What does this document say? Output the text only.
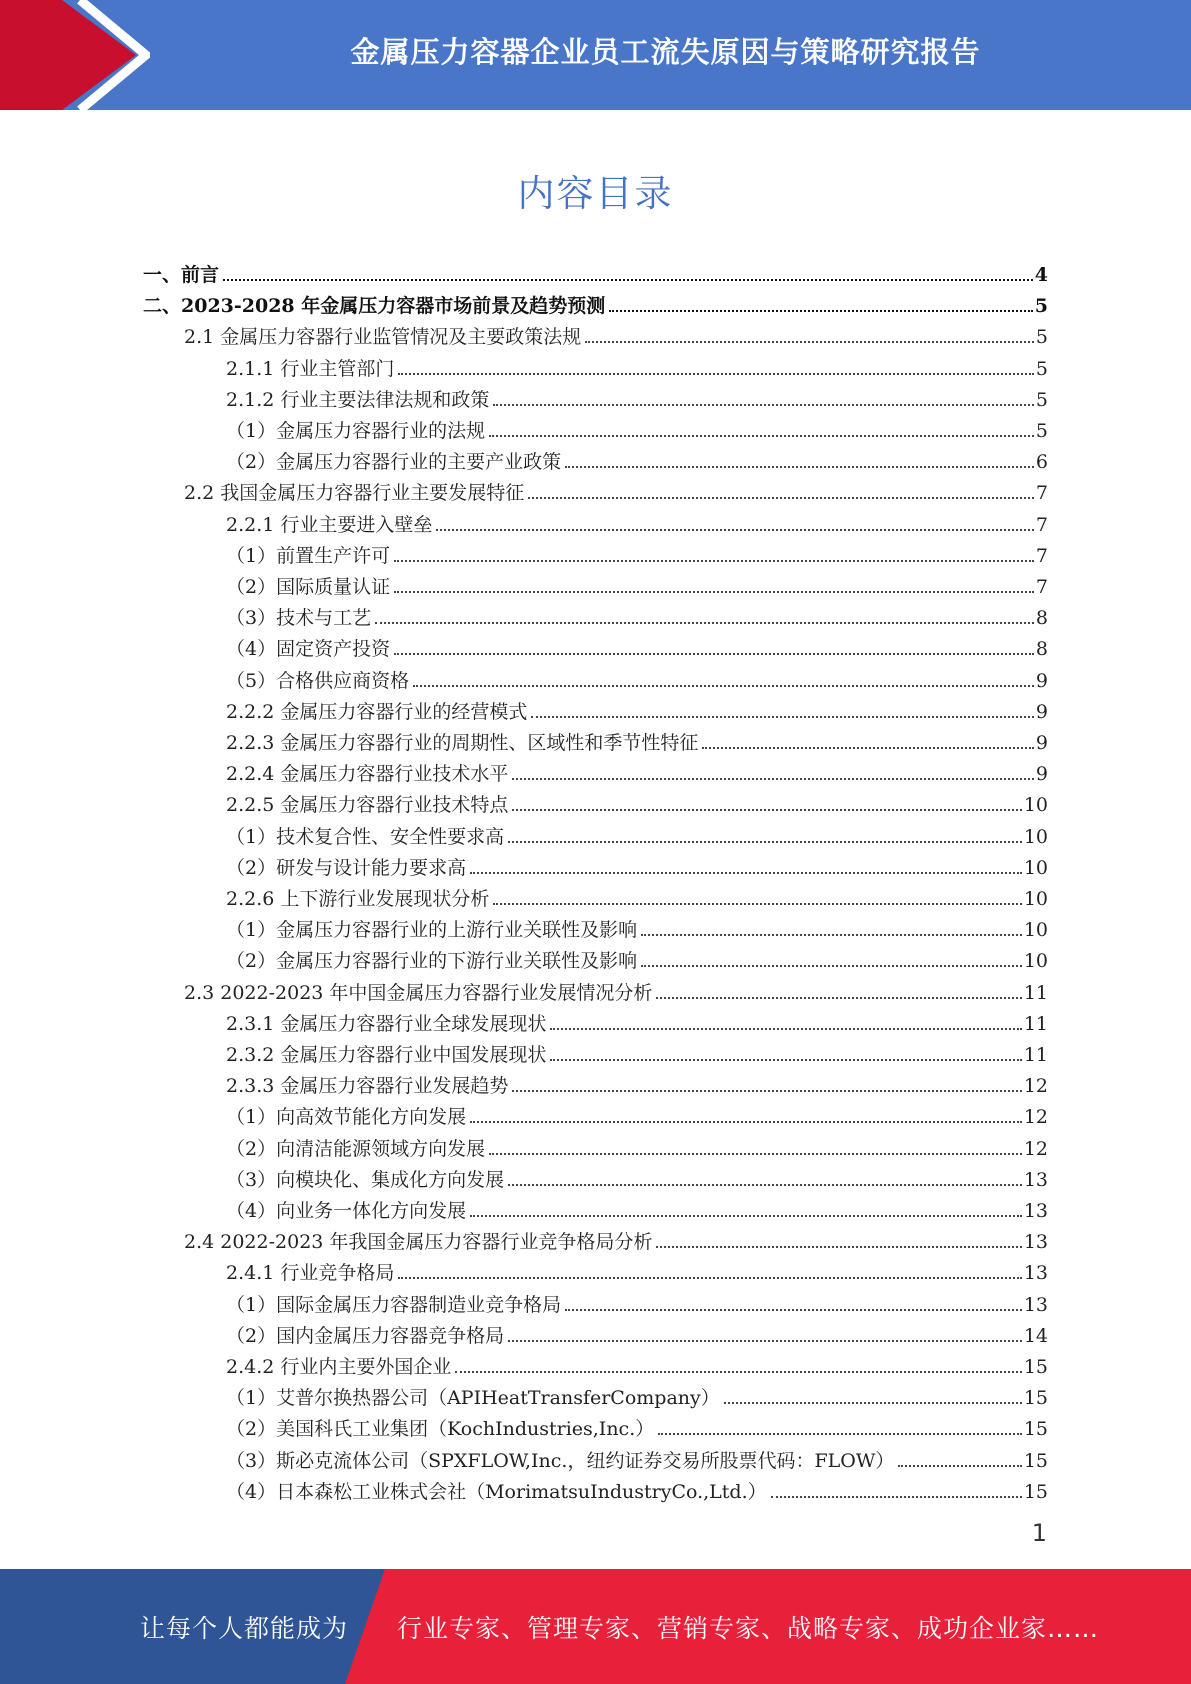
金属压力容器企业员工流失原因与策略研究报告
内容目录
一、前言	4
二、2023-2028 年金属压力容器市场前景及趋势预测	5
2.1 金属压力容器行业监管情况及主要政策法规	5
2.1.1 行业主管部门	5
2.1.2 行业主要法律法规和政策	5
（1）金属压力容器行业的法规	5
（2）金属压力容器行业的主要产业政策	6
2.2 我国金属压力容器行业主要发展特征	7
2.2.1 行业主要进入壁垒	7
（1）前置生产许可	7
（2）国际质量认证	7
（3）技术与工艺	8
（4）固定资产投资	8
（5）合格供应商资格	9
2.2.2 金属压力容器行业的经营模式	9
2.2.3 金属压力容器行业的周期性、区域性和季节性特征	9
2.2.4 金属压力容器行业技术水平	9
2.2.5 金属压力容器行业技术特点	10
（1）技术复合性、安全性要求高	10
（2）研发与设计能力要求高	10
2.2.6 上下游行业发展现状分析	10
（1）金属压力容器行业的上游行业关联性及影响	10
（2）金属压力容器行业的下游行业关联性及影响	10
2.3 2022-2023 年中国金属压力容器行业发展情况分析	11
2.3.1 金属压力容器行业全球发展现状	11
2.3.2 金属压力容器行业中国发展现状	11
2.3.3 金属压力容器行业发展趋势	12
（1）向高效节能化方向发展	12
（2）向清洁能源领域方向发展	12
（3）向模块化、集成化方向发展	13
（4）向业务一体化方向发展	13
2.4 2022-2023 年我国金属压力容器行业竞争格局分析	13
2.4.1 行业竞争格局	13
（1）国际金属压力容器制造业竞争格局	13
（2）国内金属压力容器竞争格局	14
2.4.2 行业内主要外国企业	15
（1）艾普尔换热器公司（APIHeatTransferCompany）	15
（2）美国科氏工业集团（KochIndustries,Inc.）	15
（3）斯必克流体公司（SPXFLOW,Inc.，纽约证券交易所股票代码：FLOW）	15
（4）日本森松工业株式会社（MorimatsuIndustryCo.,Ltd.）	15
1
让每个人都能成为 行业专家、管理专家、营销专家、战略专家、成功企业家……
